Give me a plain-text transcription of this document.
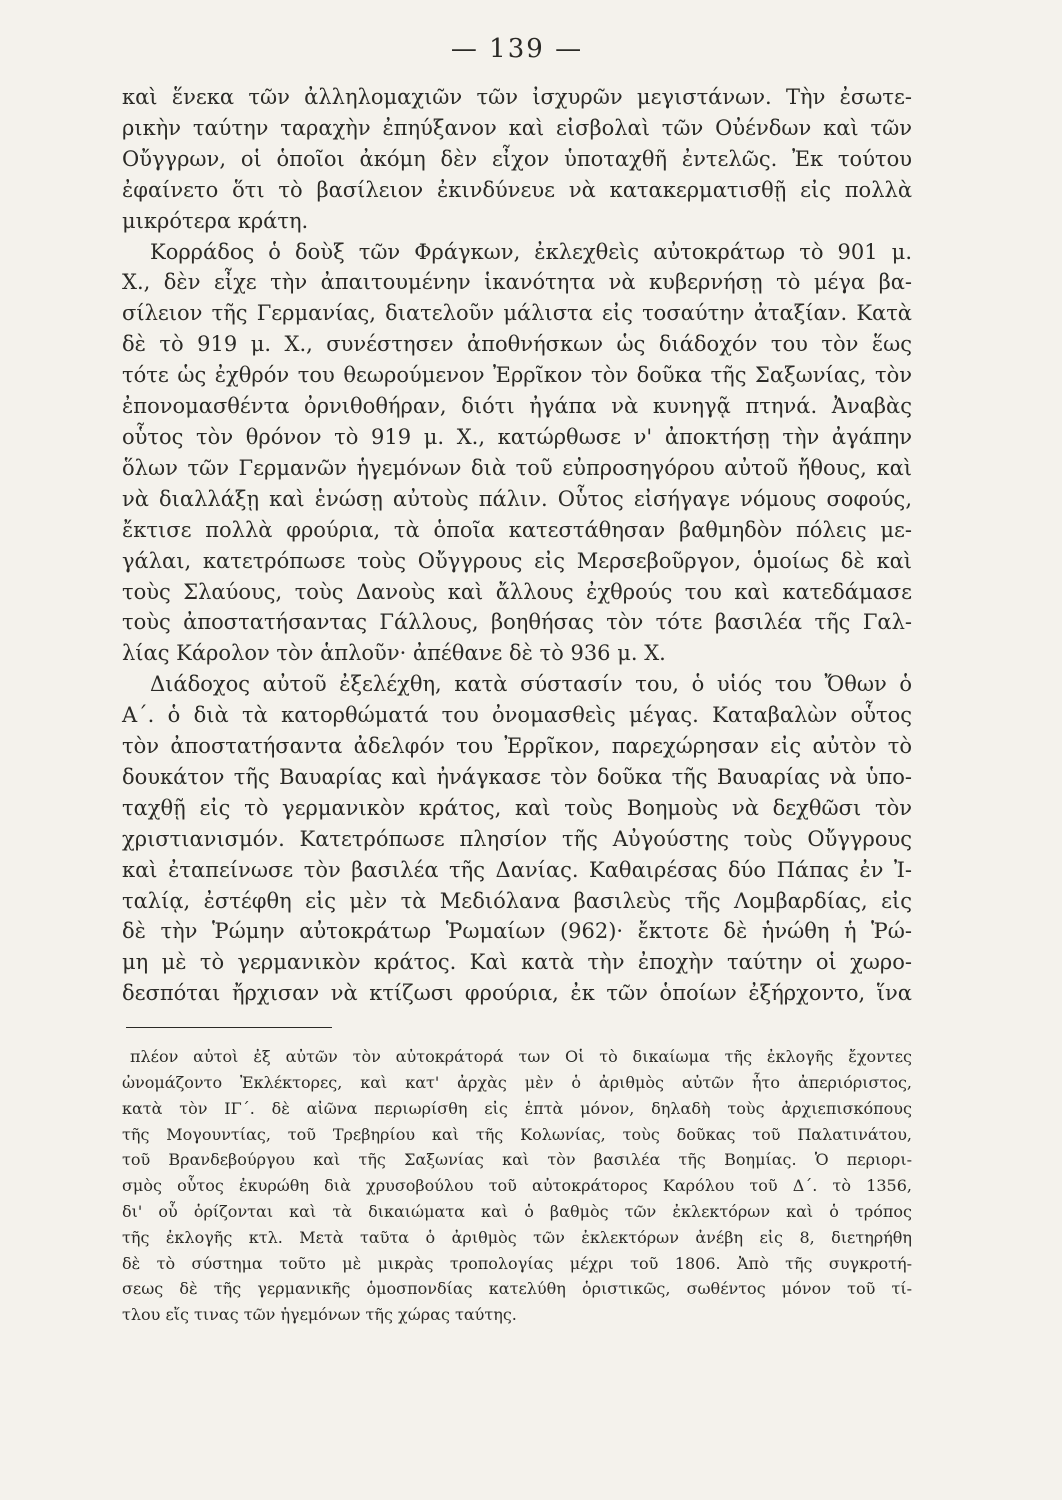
— 139 —
καὶ ἕνεκα τῶν ἀλληλομαχιῶν τῶν ἰσχυρῶν μεγιστάνων. Τὴν ἐσωτε-
ρικὴν ταύτην ταραχὴν ἐπηύξανον καὶ εἰσβολαὶ τῶν Οὐένδων καὶ τῶν
Οὔγγρων, οἱ ὁποῖοι ἀκόμη δὲν εἶχον ὑποταχθῆ ἐντελῶς. Ἐκ τούτου
ἐφαίνετο ὅτι τὸ βασίλειον ἐκινδύνευε νὰ κατακερματισθῇ εἰς πολλὰ
μικρότερα κράτη.
Κορράδος ὁ δοὺξ τῶν Φράγκων, ἐκλεχθεὶς αὐτοκράτωρ τὸ 901 μ.
Χ., δὲν εἶχε τὴν ἀπαιτουμένην ἱκανότητα νὰ κυβερνήσῃ τὸ μέγα βα-
σίλειον τῆς Γερμανίας, διατελοῦν μάλιστα εἰς τοσαύτην ἀταξίαν. Κατὰ
δὲ τὸ 919 μ. Χ., συνέστησεν ἀποθνήσκων ὡς διάδοχόν του τὸν ἕως
τότε ὡς ἐχθρόν του θεωρούμενον Ἐρρῖκον τὸν δοῦκα τῆς Σαξωνίας, τὸν
ἐπονομασθέντα ὀρνιθοθήραν, διότι ἠγάπα νὰ κυνηγᾷ πτηνά. Ἀναβὰς
οὗτος τὸν θρόνον τὸ 919 μ. Χ., κατώρθωσε ν' ἀποκτήσῃ τὴν ἀγάπην
ὅλων τῶν Γερμανῶν ἡγεμόνων διὰ τοῦ εὐπροσηγόρου αὐτοῦ ἤθους, καὶ
νὰ διαλλάξῃ καὶ ἑνώσῃ αὐτοὺς πάλιν. Οὗτος εἰσήγαγε νόμους σοφούς,
ἔκτισε πολλὰ φρούρια, τὰ ὁποῖα κατεστάθησαν βαθμηδὸν πόλεις με-
γάλαι, κατετρόπωσε τοὺς Οὔγγρους εἰς Μερσεβοῦργον, ὁμοίως δὲ καὶ
τοὺς Σλαύους, τοὺς Δανοὺς καὶ ἄλλους ἐχθρούς του καὶ κατεδάμασε
τοὺς ἀποστατήσαντας Γάλλους, βοηθήσας τὸν τότε βασιλέα τῆς Γαλ-
λίας Κάρολον τὸν ἁπλοῦν· ἀπέθανε δὲ τὸ 936 μ. Χ.
Διάδοχος αὐτοῦ ἐξελέχθη, κατὰ σύστασίν του, ὁ υἱός του Ὄθων ὁ
Α΄. ὁ διὰ τὰ κατορθώματά του ὀνομασθεὶς μέγας. Καταβαλὼν οὗτος
τὸν ἀποστατήσαντα ἀδελφόν του Ἐρρῖκον, παρεχώρησαν εἰς αὐτὸν τὸ
δουκάτον τῆς Βαυαρίας καὶ ἠνάγκασε τὸν δοῦκα τῆς Βαυαρίας νὰ ὑπο-
ταχθῇ εἰς τὸ γερμανικὸν κράτος, καὶ τοὺς Βοημοὺς νὰ δεχθῶσι τὸν
χριστιανισμόν. Κατετρόπωσε πλησίον τῆς Αὐγούστης τοὺς Οὔγγρους
καὶ ἐταπείνωσε τὸν βασιλέα τῆς Δανίας. Καθαιρέσας δύο Πάπας ἐν Ἰ-
ταλίᾳ, ἐστέφθη εἰς μὲν τὰ Μεδιόλανα βασιλεὺς τῆς Λομβαρδίας, εἰς
δὲ τὴν Ῥώμην αὐτοκράτωρ Ῥωμαίων (962)· ἔκτοτε δὲ ἡνώθη ἡ Ῥώ-
μη μὲ τὸ γερμανικὸν κράτος. Καὶ κατὰ τὴν ἐποχὴν ταύτην οἱ χωρο-
δεσπόται ἤρχισαν νὰ κτίζωσι φρούρια, ἐκ τῶν ὁποίων ἐξήρχοντο, ἵνα
πλέον αὐτοὶ ἐξ αὐτῶν τὸν αὐτοκράτορά των Οἱ τὸ δικαίωμα τῆς ἐκλογῆς ἔχοντες
ὠνομάζοντο Ἐκλέκτορες, καὶ κατ' ἀρχὰς μὲν ὁ ἀριθμὸς αὐτῶν ἦτο ἀπεριόριστος,
κατὰ τὸν ΙΓ΄. δὲ αἰῶνα περιωρίσθη εἰς ἑπτὰ μόνον, δηλαδὴ τοὺς ἀρχιεπισκόπους
τῆς Μογουντίας, τοῦ Τρεβηρίου καὶ τῆς Κολωνίας, τοὺς δοῦκας τοῦ Παλατινάτου,
τοῦ Βρανδεβούργου καὶ τῆς Σαξωνίας καὶ τὸν βασιλέα τῆς Βοημίας. Ὁ περιορι-
σμὸς οὗτος ἐκυρώθη διὰ χρυσοβούλου τοῦ αὐτοκράτορος Καρόλου τοῦ Δ΄. τὸ 1356,
δι' οὗ ὁρίζονται καὶ τὰ δικαιώματα καὶ ὁ βαθμὸς τῶν ἐκλεκτόρων καὶ ὁ τρόπος
τῆς ἐκλογῆς κτλ. Μετὰ ταῦτα ὁ ἀριθμὸς τῶν ἐκλεκτόρων ἀνέβη εἰς 8, διετηρήθη
δὲ τὸ σύστημα τοῦτο μὲ μικρὰς τροπολογίας μέχρι τοῦ 1806. Ἀπὸ τῆς συγκροτή-
σεως δὲ τῆς γερμανικῆς ὁμοσπονδίας κατελύθη ὁριστικῶς, σωθέντος μόνον τοῦ τί-
τλου εἴς τινας τῶν ἡγεμόνων τῆς χώρας ταύτης.
